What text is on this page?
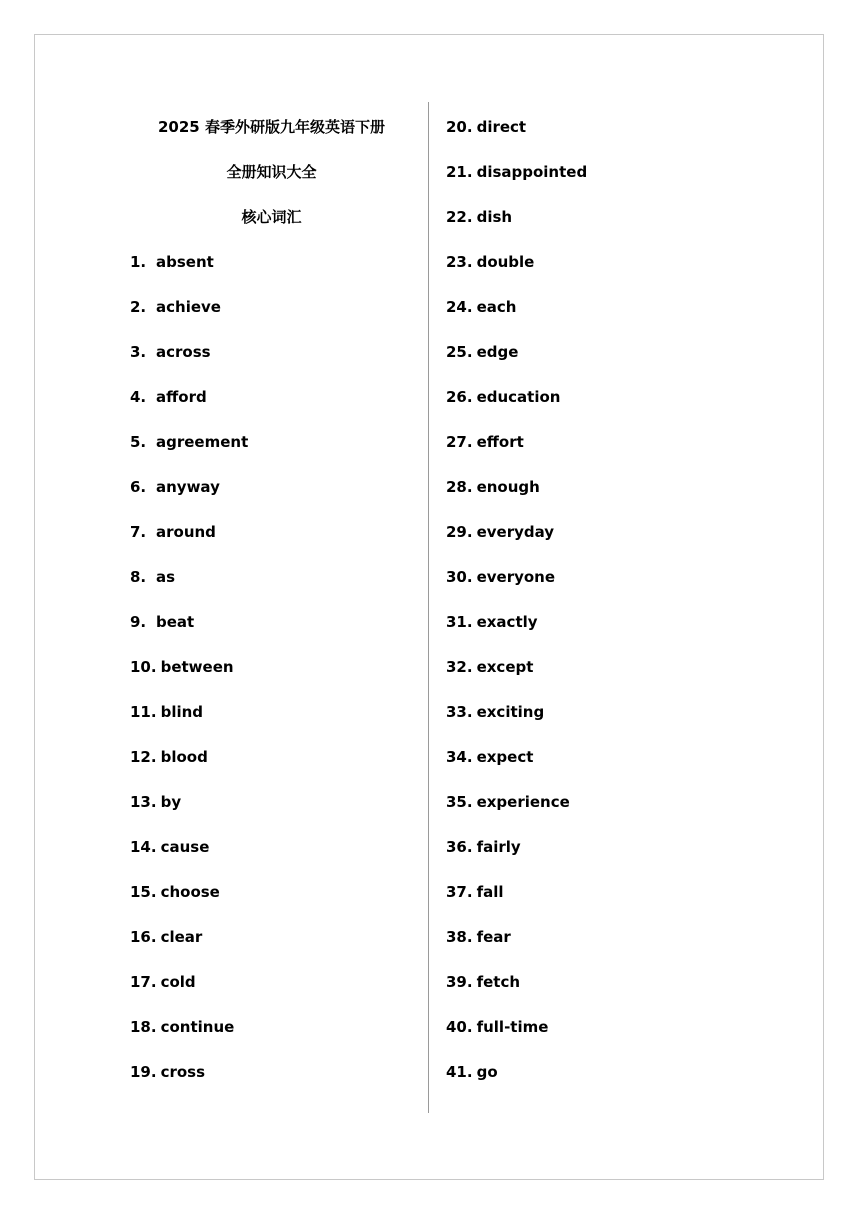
2025 春季外研版九年级英语下册
全册知识大全
核心词汇
1. absent
2. achieve
3. across
4. afford
5. agreement
6. anyway
7. around
8. as
9. beat
10. between
11. blind
12. blood
13. by
14. cause
15. choose
16. clear
17. cold
18. continue
19. cross
20. direct
21. disappointed
22. dish
23. double
24. each
25. edge
26. education
27. effort
28. enough
29. everyday
30. everyone
31. exactly
32. except
33. exciting
34. expect
35. experience
36. fairly
37. fall
38. fear
39. fetch
40. full-time
41. go
